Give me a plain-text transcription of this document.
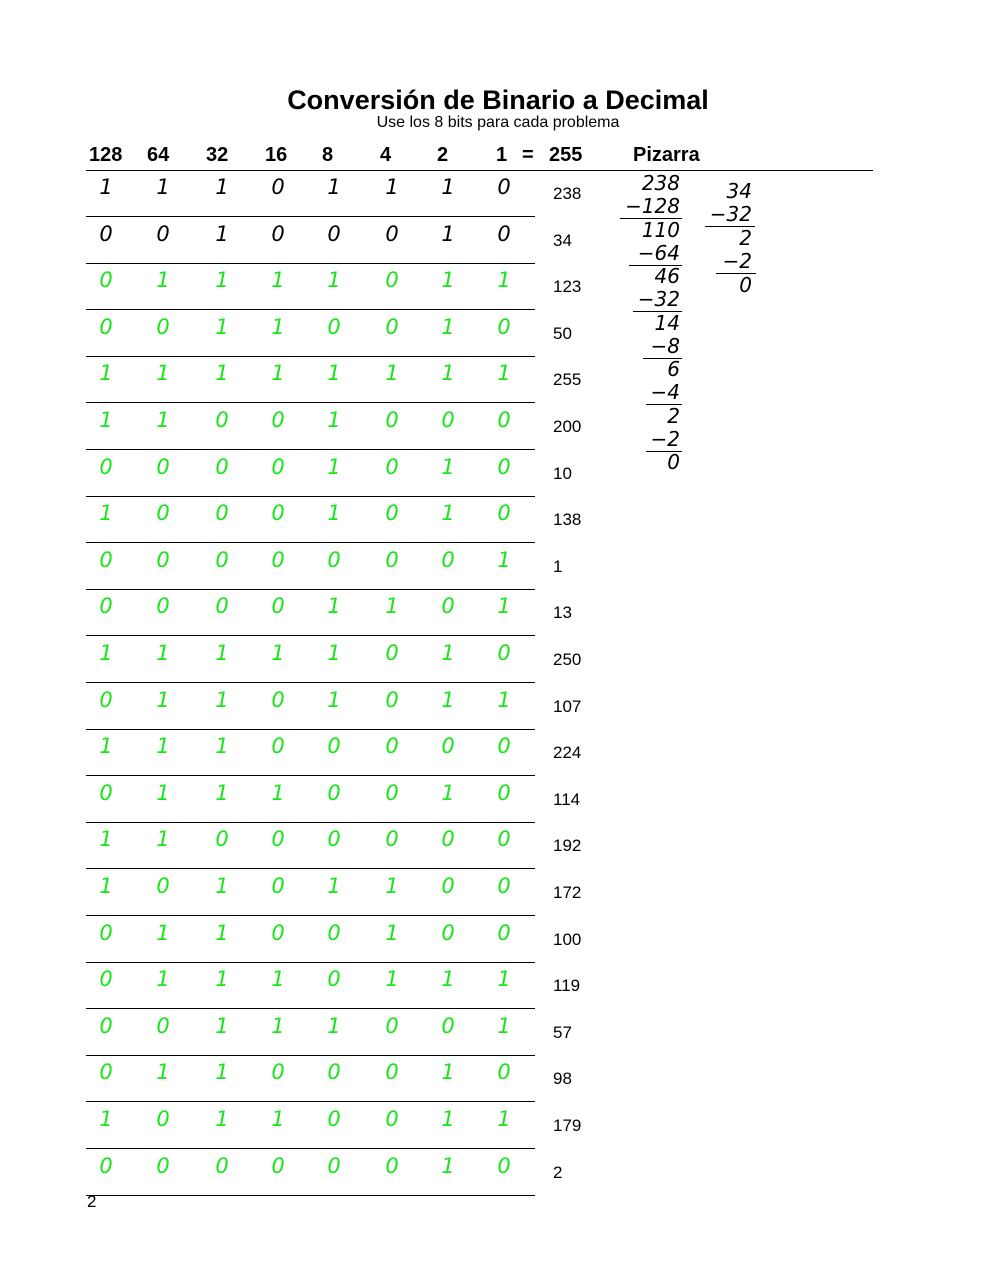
Conversión de Binario a Decimal
Use los 8 bits para cada problema
128 64 32 16 8 4 2 1 = 255	Pizarra
1	1	1	0	1	1	1	0	238
0	0	1	0	0	0	1	0	34
0	1	1	1	1	0	1	1	123
0	0	1	1	0	0	1	0	50
1	1	1	1	1	1	1	1	255
1	1	0	0	1	0	0	0	200
0	0	0	0	1	0	1	0	10
1	0	0	0	1	0	1	0	138
0	0	0	0	0	0	0	1	1
0	0	0	0	1	1	0	1	13
1	1	1	1	1	0	1	0	250
0	1	1	0	1	0	1	1	107
1	1	1	0	0	0	0	0	224
0	1	1	1	0	0	1	0	114
1	1	0	0	0	0	0	0	192
1	0	1	0	1	1	0	0	172
0	1	1	0	0	1	0	0	100
0	1	1	1	0	1	1	1	119
0	0	1	1	1	0	0	1	57
0	1	1	0	0	0	1	0	98
1	0	1	1	0	0	1	1	179
0	0	0	0	0	0	1	0	2
238
−128
110
−64
46
−32
14
−8
6
−4
2
−2
0
34
−32
2
−2
0
2
